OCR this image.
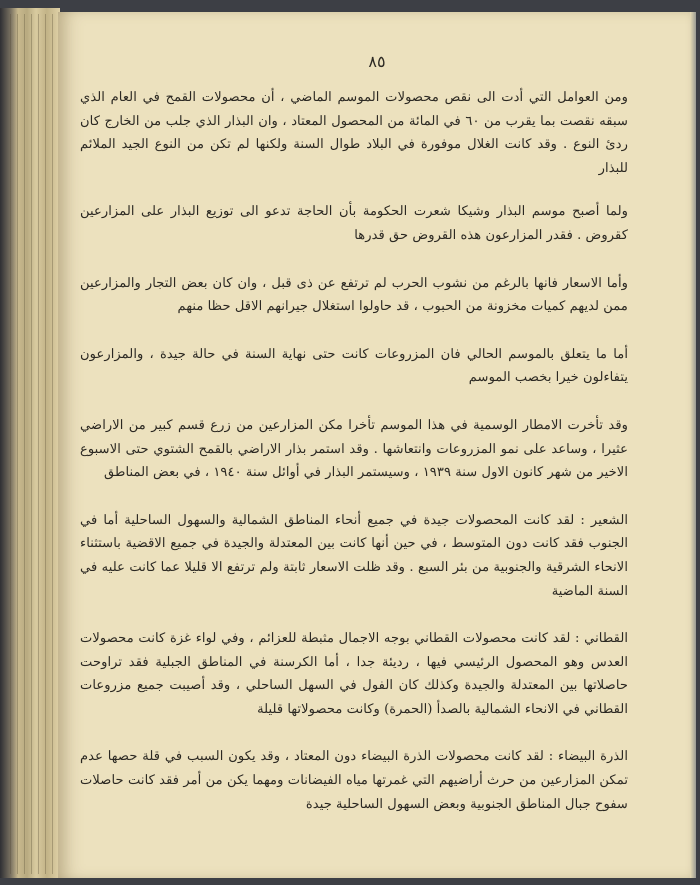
٨٥

ومن العوامل التي أدت الى نقص محصولات الموسم الماضي ، أن محصولات القمح في العام الذي سبقه نقصت بما يقرب من ٦٠ في المائة من المحصول المعتاد ، وان البذار الذي جلب من الخارج كان ردئ النوع . وقد كانت الغلال موفورة في البلاد طوال السنة ولكنها لم تكن من النوع الجيد الملائم للبذار

ولما أصبح موسم البذار وشيكا شعرت الحكومة بأن الحاجة تدعو الى توزيع البذار على المزارعين كقروض . فقدر المزارعون هذه القروض حق قدرها

وأما الاسعار فانها بالرغم من نشوب الحرب لم ترتفع عن ذى قبل ، وان كان بعض التجار والمزارعين ممن لديهم كميات مخزونة من الحبوب ، قد حاولوا استغلال جيرانهم الاقل حظا منهم

أما ما يتعلق بالموسم الحالي فان المزروعات كانت حتى نهاية السنة في حالة جيدة ، والمزارعون يتفاءلون خيرا بخصب الموسم

وقد تأخرت الامطار الوسمية في هذا الموسم تأخرا مكن المزارعين من زرع قسم كبير من الاراضي عثيرا ، وساعد على نمو المزروعات وانتعاشها . وقد استمر بذار الاراضي بالقمح الشتوي حتى الاسبوع الاخير من شهر كانون الاول سنة ١٩٣٩ ، وسيستمر البذار في أوائل سنة ١٩٤٠ ، في بعض المناطق

الشعير : لقد كانت المحصولات جيدة في جميع أنحاء المناطق الشمالية والسهول الساحلية أما في الجنوب فقد كانت دون المتوسط ، في حين أنها كانت بين المعتدلة والجيدة في جميع الاقضية باستثناء الانحاء الشرقية والجنوبية من بئر السبع . وقد ظلت الاسعار ثابتة ولم ترتفع الا قليلا عما كانت عليه في السنة الماضية

القطاني : لقد كانت محصولات القطاني بوجه الاجمال مثبطة للعزائم ، وفي لواء غزة كانت محصولات العدس وهو المحصول الرئيسي فيها ، رديئة جدا ، أما الكرسنة في المناطق الجبلية فقد تراوحت حاصلاتها بين المعتدلة والجيدة وكذلك كان الفول في السهل الساحلي ، وقد أصيبت جميع مزروعات القطاني في الانحاء الشمالية بالصدأ (الحمرة) وكانت محصولاتها قليلة

الذرة البيضاء : لقد كانت محصولات الذرة البيضاء دون المعتاد ، وقد يكون السبب في قلة حصها عدم تمكن المزارعين من حرث أراضيهم التي غمرتها مياه الفيضانات ومهما يكن من أمر فقد كانت حاصلات سفوح جبال المناطق الجنوبية وبعض السهول الساحلية جيدة
